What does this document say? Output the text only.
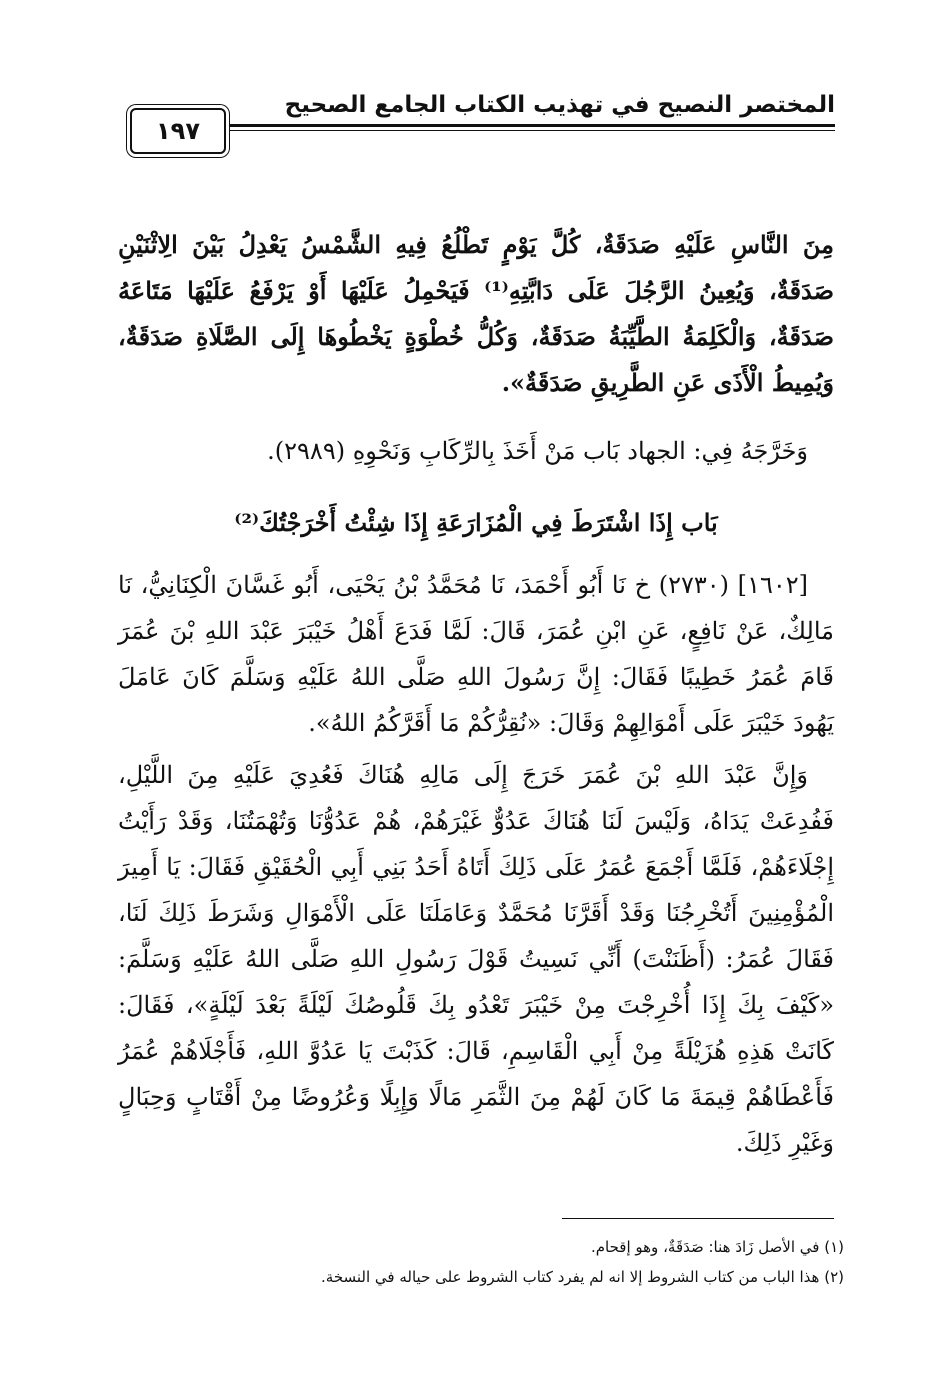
المختصر النصيح في تهذيب الكتاب الجامع الصحيح
١٩٧
مِنَ النَّاسِ عَلَيْهِ صَدَقَةٌ، كُلَّ يَوْمٍ تَطْلُعُ فِيهِ الشَّمْسُ يَعْدِلُ بَيْنَ الِاثْنَيْنِ صَدَقَةٌ، وَيُعِينُ الرَّجُلَ عَلَى دَابَّتِهِ⁽¹⁾ فَيَحْمِلُ عَلَيْهَا أَوْ يَرْفَعُ عَلَيْهَا مَتَاعَهُ صَدَقَةٌ، وَالْكَلِمَةُ الطَّيِّبَةُ صَدَقَةٌ، وَكُلُّ خُطْوَةٍ يَخْطُوهَا إِلَى الصَّلَاةِ صَدَقَةٌ، وَيُمِيطُ الْأَذَى عَنِ الطَّرِيقِ صَدَقَةٌ».
وَخَرَّجَهُ فِي: الجهاد بَاب مَنْ أَخَذَ بِالرِّكَابِ وَنَحْوِهِ (٢٩٨٩).
بَاب إِذَا اشْتَرَطَ فِي الْمُزَارَعَةِ إِذَا شِئْتُ أَخْرَجْتُكَ⁽²⁾
[١٦٠٢] (٢٧٣٠) خ نَا أَبُو أَحْمَدَ، نَا مُحَمَّدُ بْنُ يَحْيَى، أَبُو غَسَّانَ الْكِنَانِيُّ، نَا مَالِكٌ، عَنْ نَافِعٍ، عَنِ ابْنِ عُمَرَ، قَالَ: لَمَّا فَدَعَ أَهْلُ خَيْبَرَ عَبْدَ اللهِ بْنَ عُمَرَ قَامَ عُمَرُ خَطِيبًا فَقَالَ: إِنَّ رَسُولَ اللهِ صَلَّى اللهُ عَلَيْهِ وَسَلَّمَ كَانَ عَامَلَ يَهُودَ خَيْبَرَ عَلَى أَمْوَالِهِمْ وَقَالَ: «نُقِرُّكُمْ مَا أَقَرَّكُمُ اللهُ».
وَإِنَّ عَبْدَ اللهِ بْنَ عُمَرَ خَرَجَ إِلَى مَالِهِ هُنَاكَ فَعُدِيَ عَلَيْهِ مِنَ اللَّيْلِ، فَفُدِعَتْ يَدَاهُ، وَلَيْسَ لَنَا هُنَاكَ عَدُوٌّ غَيْرَهُمْ، هُمْ عَدُوُّنَا وَتُهْمَتُنَا، وَقَدْ رَأَيْتُ إِجْلَاءَهُمْ، فَلَمَّا أَجْمَعَ عُمَرُ عَلَى ذَلِكَ أَتَاهُ أَحَدُ بَنِي أَبِي الْحُقَيْقِ فَقَالَ: يَا أَمِيرَ الْمُؤْمِنِينَ أَتُخْرِجُنَا وَقَدْ أَقَرَّنَا مُحَمَّدٌ وَعَامَلَنَا عَلَى الْأَمْوَالِ وَشَرَطَ ذَلِكَ لَنَا، فَقَالَ عُمَرُ: (أَظَنَنْتَ) أَنِّي نَسِيتُ قَوْلَ رَسُولِ اللهِ صَلَّى اللهُ عَلَيْهِ وَسَلَّمَ: «كَيْفَ بِكَ إِذَا أُخْرِجْتَ مِنْ خَيْبَرَ تَعْدُو بِكَ قَلُوصُكَ لَيْلَةً بَعْدَ لَيْلَةٍ»، فَقَالَ: كَانَتْ هَذِهِ هُزَيْلَةً مِنْ أَبِي الْقَاسِمِ، قَالَ: كَذَبْتَ يَا عَدُوَّ اللهِ، فَأَجْلَاهُمْ عُمَرُ فَأَعْطَاهُمْ قِيمَةَ مَا كَانَ لَهُمْ مِنَ الثَّمَرِ مَالًا وَإِبِلًا وَعُرُوضًا مِنْ أَقْتَابٍ وَحِبَالٍ وَغَيْرِ ذَلِكَ.
(١) في الأصل زَادَ هنا: صَدَقَةٌ، وهو إقحام.
(٢) هذا الباب من كتاب الشروط إلا انه لم يفرد كتاب الشروط على حياله في النسخة.
